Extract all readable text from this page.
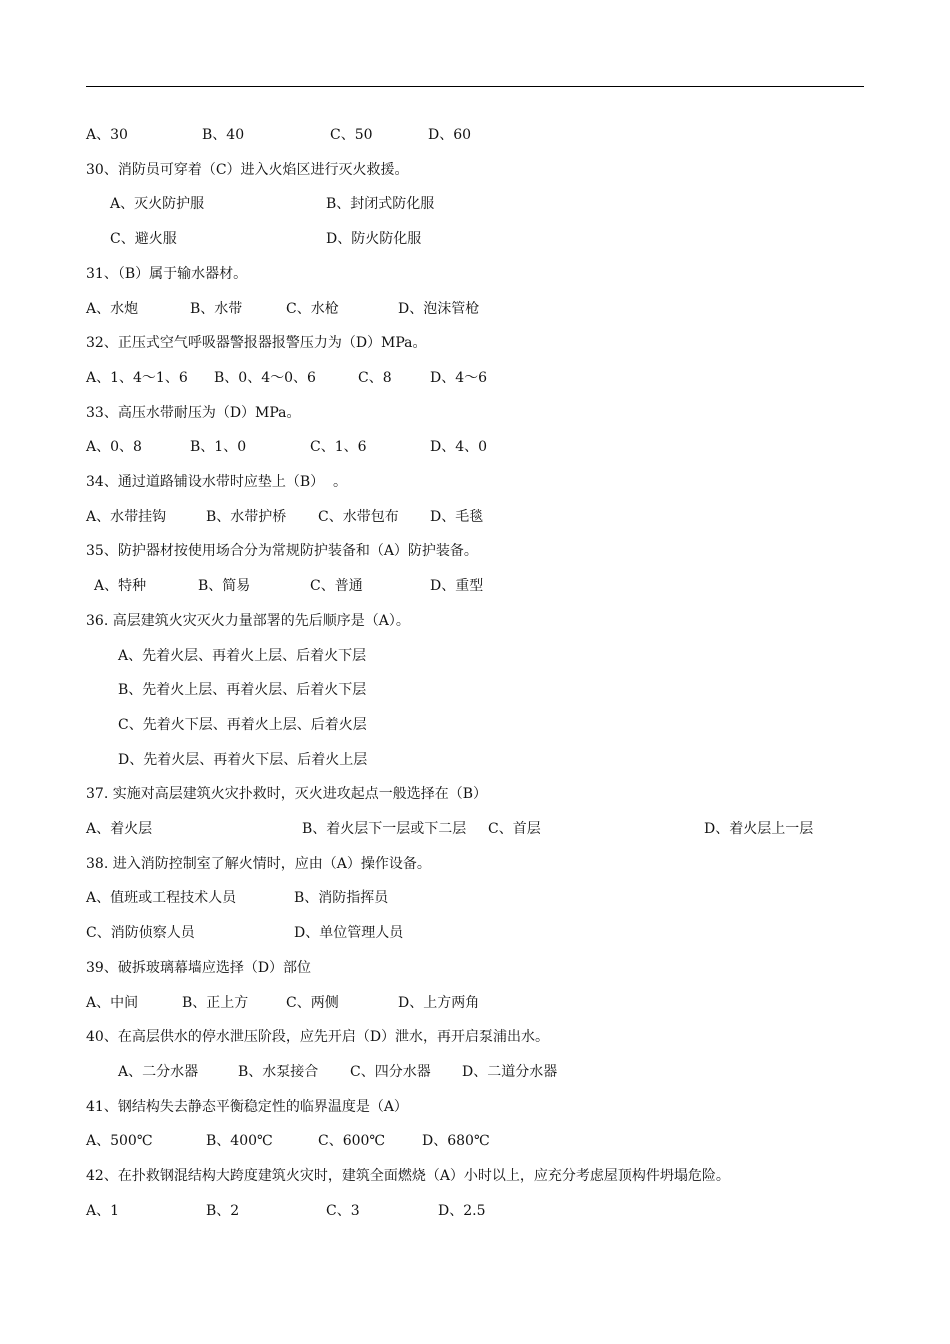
A、30	B、40	C、50	D、60
30、消防员可穿着（C）进入火焰区进行灭火救援。
A、灭火防护服	B、封闭式防化服
C、避火服	D、防火防化服
31、（B）属于输水器材。
A、水炮	B、水带	C、水枪	D、泡沫管枪
32、正压式空气呼吸器警报器报警压力为（D）MPa。
A、1、4～1、6 B、0、4～0、6	C、8	D、4～6
33、高压水带耐压为（D）MPa。
A、0、8	B、1、0	C、1、6	D、4、0
34、通过道路铺设水带时应垫上（B）  。
A、水带挂钩	B、水带护桥 C、水带包布 D、毛毯
35、防护器材按使用场合分为常规防护装备和（A）防护装备。
A、特种	B、简易	C、普通	D、重型
36. 高层建筑火灾灭火力量部署的先后顺序是（A）。
A、先着火层、再着火上层、后着火下层
B、先着火上层、再着火层、后着火下层
C、先着火下层、再着火上层、后着火层
D、先着火层、再着火下层、后着火上层
37. 实施对高层建筑火灾扑救时，灭火进攻起点一般选择在（B）
A、着火层	B、着火层下一层或下二层 C、首层	D、着火层上一层
38. 进入消防控制室了解火情时，应由（A）操作设备。
A、值班或工程技术人员	B、消防指挥员
C、消防侦察人员	D、单位管理人员
39、破拆玻璃幕墙应选择（D）部位
A、中间	B、正上方	C、两侧	D、上方两角
40、在高层供水的停水泄压阶段，应先开启（D）泄水，再开启泵浦出水。
A、二分水器	B、水泵接合 C、四分水器 D、二道分水器
41、钢结构失去静态平衡稳定性的临界温度是（A）
A、500℃	B、400℃	C、600℃	D、680℃
42、在扑救钢混结构大跨度建筑火灾时，建筑全面燃烧（A）小时以上，应充分考虑屋顶构件坍塌危险。
A、1	B、2	C、3	D、2.5
